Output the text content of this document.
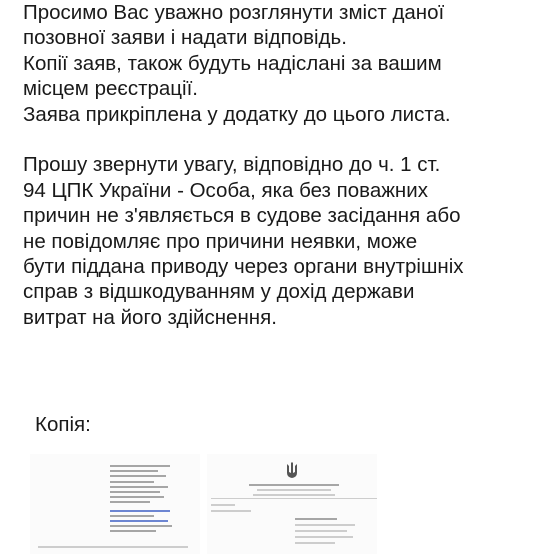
Просимо Вас уважно розглянути зміст даної
позовної заяви і надати відповідь.
Копії заяв, також будуть надіслані за вашим
місцем реєстрації.
Заява прикріплена у додатку до цього листа.
Прошу звернути увагу, відповідно до ч. 1 ст.
94 ЦПК України - Особа, яка без поважних
причин не з'являється в судове засідання або
не повідомляє про причини неявки, може
бути піддана приводу через органи внутрішніх
справ з відшкодуванням у дохід держави
витрат на його здійснення.
Копія:
